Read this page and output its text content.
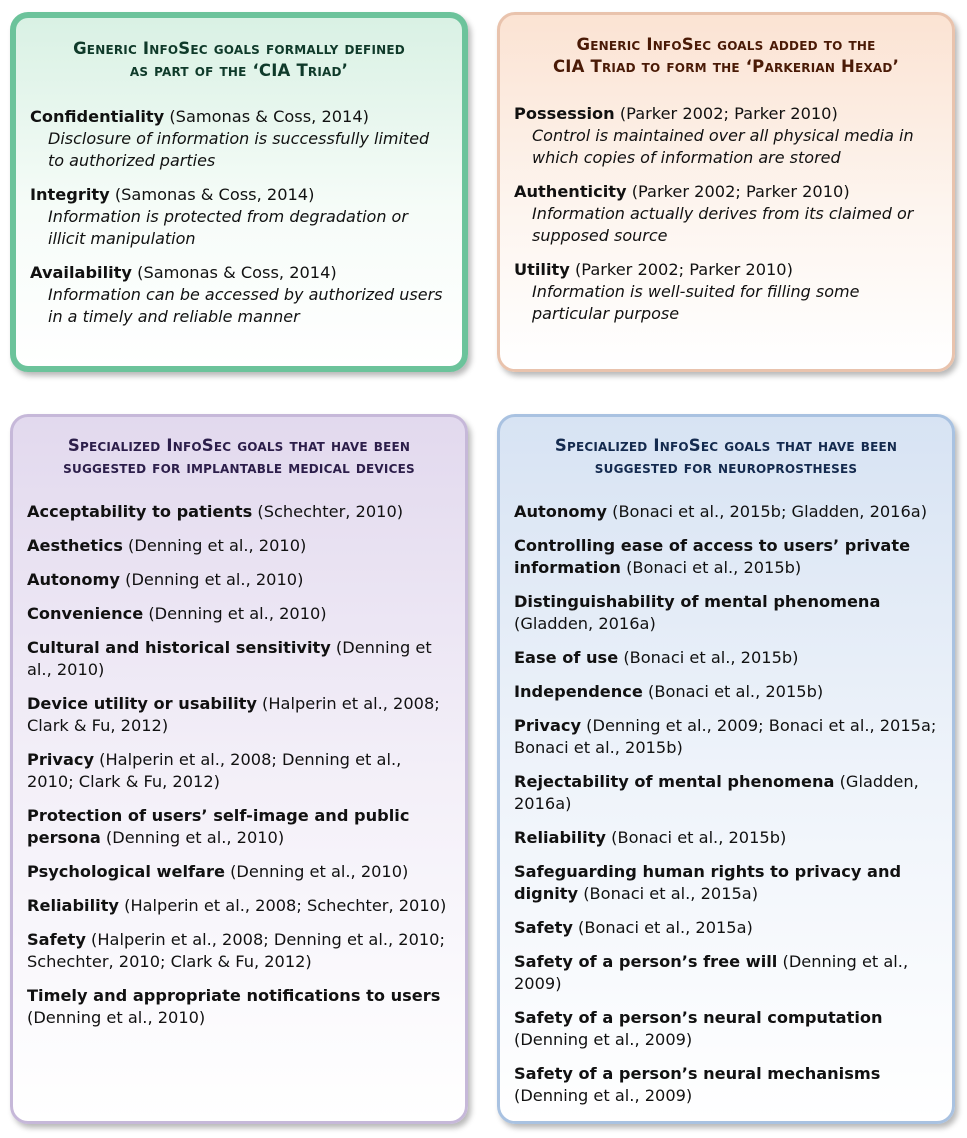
Generic InfoSec goals formally defined
as part of the ‘CIA Triad’
Confidentiality (Samonas & Coss, 2014)
Disclosure of information is successfully limited to authorized parties
Integrity (Samonas & Coss, 2014)
Information is protected from degradation or illicit manipulation
Availability (Samonas & Coss, 2014)
Information can be accessed by authorized users in a timely and reliable manner
Generic InfoSec goals added to the
CIA Triad to form the ‘Parkerian Hexad’
Possession (Parker 2002; Parker 2010)
Control is maintained over all physical media in which copies of information are stored
Authenticity (Parker 2002; Parker 2010)
Information actually derives from its claimed or supposed source
Utility (Parker 2002; Parker 2010)
Information is well-suited for filling some particular purpose
Specialized InfoSec goals that have been
suggested for implantable medical devices
Acceptability to patients (Schechter, 2010)
Aesthetics (Denning et al., 2010)
Autonomy (Denning et al., 2010)
Convenience (Denning et al., 2010)
Cultural and historical sensitivity (Denning et al., 2010)
Device utility or usability (Halperin et al., 2008; Clark & Fu, 2012)
Privacy (Halperin et al., 2008; Denning et al., 2010; Clark & Fu, 2012)
Protection of users’ self-image and public persona (Denning et al., 2010)
Psychological welfare (Denning et al., 2010)
Reliability (Halperin et al., 2008; Schechter, 2010)
Safety (Halperin et al., 2008; Denning et al., 2010; Schechter, 2010; Clark & Fu, 2012)
Timely and appropriate notifications to users (Denning et al., 2010)
Specialized InfoSec goals that have been
suggested for neuroprostheses
Autonomy (Bonaci et al., 2015b; Gladden, 2016a)
Controlling ease of access to users’ private information (Bonaci et al., 2015b)
Distinguishability of mental phenomena (Gladden, 2016a)
Ease of use (Bonaci et al., 2015b)
Independence (Bonaci et al., 2015b)
Privacy (Denning et al., 2009; Bonaci et al., 2015a; Bonaci et al., 2015b)
Rejectability of mental phenomena (Gladden, 2016a)
Reliability (Bonaci et al., 2015b)
Safeguarding human rights to privacy and dignity (Bonaci et al., 2015a)
Safety (Bonaci et al., 2015a)
Safety of a person’s free will (Denning et al., 2009)
Safety of a person’s neural computation (Denning et al., 2009)
Safety of a person’s neural mechanisms (Denning et al., 2009)
